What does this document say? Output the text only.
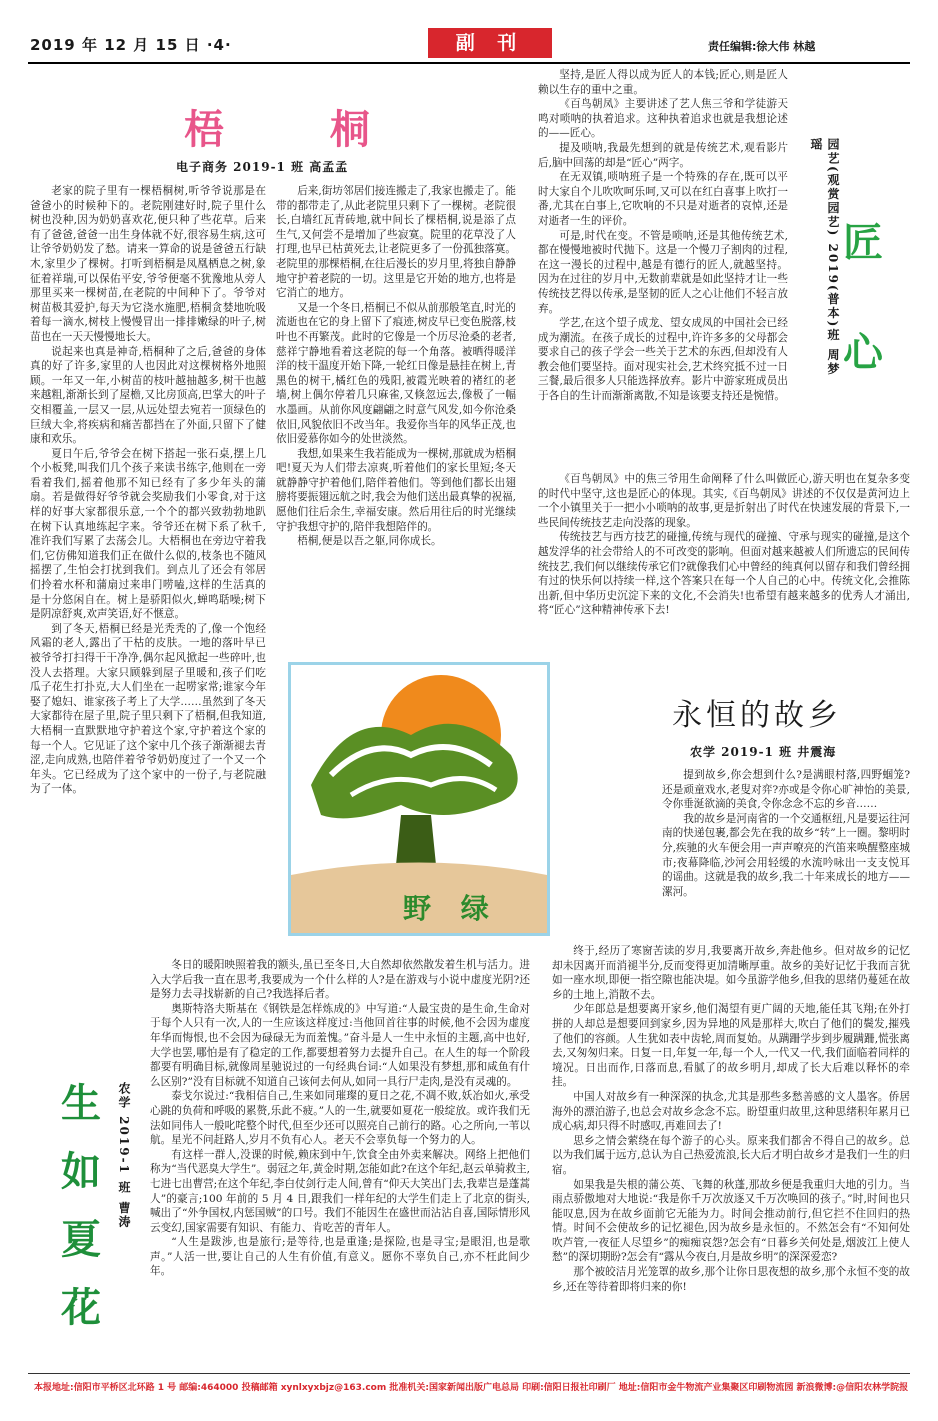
2019 年 12 月 15 日 ·4·	副 刊	责任编辑:徐大伟 林越
梧 桐
电子商务 2019-1 班 高孟孟

老家的院子里有一棵梧桐树,听爷爷说那是在爸爸小的时候种下的。老院刚建好时,院子里什么树也没种,因为奶奶喜欢花,便只种了些花草。后来有了爸爸,爸爸一出生身体就不好,很容易生病,这可让爷爷奶奶发了愁。请来一算命的说是爸爸五行缺木,家里少了棵树。打听到梧桐是凤凰栖息之树,象征着祥瑞,可以保佑平安,爷爷便毫不犹豫地从旁人那里买来一棵树苗,在老院的中间种下了。爷爷对树苗极其爱护,每天为它浇水施肥,梧桐贪婪地吮吸着每一滴水,树枝上慢慢冒出一排排嫩绿的叶子,树苗也在一天天慢慢地长大。

说起来也真是神奇,梧桐种了之后,爸爸的身体真的好了许多,家里的人也因此对这棵树格外地照顾。一年又一年,小树苗的枝叶越抽越多,树干也越来越粗,渐渐长到了屋檐,又比房顶高,巴掌大的叶子交相覆盖,一层又一层,从远处望去宛若一顶绿色的巨绒大伞,将疾病和痛苦都挡在了外面,只留下了健康和欢乐。

夏日午后,爷爷会在树下搭起一张石桌,摆上几个小板凳,叫我们几个孩子来读书练字,他则在一旁看着我们,摇着他那不知已经有了多少年头的蒲扇。若是做得好爷爷就会奖励我们小零食,对于这样的好事大家都很乐意,一个个的都兴致勃勃地趴在树下认真地练起字来。爷爷还在树下系了秋千,准许我们写累了去荡会儿。大梧桐也在旁边守着我们,它仿佛知道我们正在做什么似的,枝条也不随风摇摆了,生怕会打扰到我们。到点儿了还会有邻居们拎着水杯和蒲扇过来串门唠嗑,这样的生活真的是十分悠闲自在。树上是骄阳似火,蝉鸣聒噪;树下是阴凉舒爽,欢声笑语,好不惬意。

到了冬天,梧桐已经是光秃秃的了,像一个饱经风霜的老人,露出了干枯的皮肤。一地的落叶早已被爷爷打扫得干干净净,偶尔起风掀起一些碎叶,也没人去搭理。大家只顾躲到屋子里暖和,孩子们吃瓜子花生打扑克,大人们坐在一起唠家常;谁家今年娶了媳妇、谁家孩子考上了大学……虽然到了冬天大家都待在屋子里,院子里只剩下了梧桐,但我知道,大梧桐一直默默地守护着这个家,守护着这个家的每一个人。它见证了这个家中几个孩子渐渐褪去青涩,走向成熟,也陪伴着爷爷奶奶度过了一个又一个年头。它已经成为了这个家中的一份子,与老院融为了一体。

后来,街坊邻居们接连搬走了,我家也搬走了。能带的都带走了,从此老院里只剩下了一棵树。老院很长,白墙红瓦青砖地,就中间长了棵梧桐,说是添了点生气,又何尝不是增加了些寂寞。院里的花草没了人打理,也早已枯黄死去,让老院更多了一份孤独落寞。老院里的那棵梧桐,在往后漫长的岁月里,将独自静静地守护着老院的一切。这里是它开始的地方,也将是它消亡的地方。

又是一个冬日,梧桐已不似从前那般笔直,时光的流逝也在它的身上留下了痕迹,树皮早已变色脱落,枝叶也不再繁茂。此时的它像是一个历尽沧桑的老者,慈祥宁静地看着这老院的每一个角落。被晒得暖洋洋的枝干温度开始下降,一轮红日像是悬挂在树上,青黑色的树干,橘红色的残阳,被霞光映着的褚红的老墙,树上偶尔停着几只麻雀,又倏忽远去,像极了一幅水墨画。从前你风度翩翩之时意气风发,如今你沧桑依旧,风貌依旧不改当年。我爱你当年的风华正茂,也依旧爱慕你如今的处世淡然。

我想,如果来生我若能成为一棵树,那就成为梧桐吧!夏天为人们带去凉爽,听着他们的家长里短;冬天就静静守护着他们,陪伴着他们。等到他们都长出翅膀将要振翅远航之时,我会为他们送出最真挚的祝福,愿他们往后余生,幸福安康。然后用往后的时光继续守护我想守护的,陪伴我想陪伴的。

梧桐,便是以吾之躯,同你成长。

坚持,是匠人得以成为匠人的本钱;匠心,则是匠人赖以生存的重中之重。

《百鸟朝凤》主要讲述了艺人焦三爷和学徒游天鸣对唢呐的执着追求。这种执着追求也就是我想论述的——匠心。

提及唢呐,我最先想到的就是传统艺术,观看影片后,脑中回荡的却是“匠心”两字。

在无双镇,唢呐班子是一个特殊的存在,既可以平时大家自个儿吹吹呵乐呵,又可以在红白喜事上吹打一番,尤其在白事上,它吹响的不只是对逝者的哀悼,还是对逝者一生的评价。

可是,时代在变。不管是唢呐,还是其他传统艺术,都在慢慢地被时代抛下。这是一个慢刀子割肉的过程,在这一漫长的过程中,越是有德行的匠人,就越坚持。因为在过往的岁月中,无数前辈就是如此坚持才让一些传统技艺得以传承,是坚韧的匠人之心让他们不轻言放弃。

学艺,在这个望子成龙、望女成凤的中国社会已经成为潮流。在孩子成长的过程中,许许多多的父母都会要求自己的孩子学会一些关于艺术的东西,但却没有人教会他们要坚持。面对现实社会,艺术终究抵不过一日三餐,最后很多人只能选择放弃。影片中游家班成员出于各自的生计而渐渐离散,不知是该要支持还是惋惜。

园艺(观赏园艺) 2019(普本)班 周梦瑶
匠 心

《百鸟朝凤》中的焦三爷用生命阐释了什么叫做匠心,游天明也在复杂多变的时代中坚守,这也是匠心的体现。其实,《百鸟朝凤》讲述的不仅仅是黄河边上一个小镇里关于一把小小唢呐的故事,更是折射出了时代在快速发展的背景下,一些民间传统技艺走向没落的现象。

传统技艺与西方技艺的碰撞,传统与现代的碰撞、守承与现实的碰撞,是这个越发浮华的社会带给人的不可改变的影响。但面对越来越被人们所遗忘的民间传统技艺,我们何以继续传承它们?就像我们心中曾经的纯真何以留存和我们曾经拥有过的快乐何以持续一样,这个答案只在每一个人自己的心中。传统文化,会推陈出新,但中华历史沉淀下来的文化,不会消失!也希望有越来越多的优秀人才涌出,将“匠心”这种精神传承下去!

野 绿
永恒的故乡
农学 2019-1 班 井震海

提到故乡,你会想到什么?是满眼村落,四野蝈笼?还是顽童戏水,老叟对弈?亦或是令你心旷神怡的美景,令你垂涎欲滴的美食,令你念念不忘的乡音……

我的故乡是河南省的一个交通枢纽,凡是要运往河南的快递包裹,都会先在我的故乡“转”上一圈。黎明时分,疾驰的火车便会用一声声嘹亮的汽笛来唤醒整座城市;夜幕降临,沙河会用轻缓的水流吟咏出一支支悦耳的谣曲。这就是我的故乡,我二十年来成长的地方——漯河。

终于,经历了寒窗苦读的岁月,我要离开故乡,奔赴他乡。但对故乡的记忆却未因离开而消褪半分,反而变得更加清晰厚重。故乡的美好记忆于我而言犹如一座水坝,即便一指空隙也能决堤。如今虽游学他乡,但我的思绪仍蔓延在故乡的土地上,消散不去。

少年郎总是想要离开家乡,他们渴望有更广阔的天地,能任其飞翔;在外打拼的人却总是想要回到家乡,因为异地的风是那样大,吹白了他们的鬓发,摧残了他们的容颜。人生犹如表中齿轮,周而复始。从蹒跚学步到步履蹒跚,慌张离去,又匆匆归来。日复一日,年复一年,每一个人,一代又一代,我们面临着同样的境况。日出而作,日落而息,看腻了的故乡明月,却成了长大后难以释怀的牵挂。

中国人对故乡有一种深深的执念,尤其是那些多愁善感的文人墨客。侨居海外的漂泊游子,也总会对故乡念念不忘。盼望重归故里,这种思绪积年累月已成心病,却只得不时感叹,再难回去了!

思乡之情会萦绕在每个游子的心头。原来我们都舍不得自己的故乡。总以为我们属于远方,总认为自己热爱流浪,长大后才明白故乡才是我们一生的归宿。

如果我是失根的蒲公英、飞舞的秋蓬,那故乡便是我重归大地的引力。当雨点骄傲地对大地说:“我是你千万次放逐又千万次唤回的孩子。”时,时间也只能叹息,因为在故乡面前它无能为力。时间会推动前行,但它拦不住回归的热情。时间不会使故乡的记忆褪色,因为故乡是永恒的。不然怎会有“不知何处吹芦管,一夜征人尽望乡”的痴痴哀怨?怎会有“日暮乡关何处是,烟波江上使人愁”的深切期盼?怎会有“露从今夜白,月是故乡明”的深深爱恋?

那个被皎洁月光笼罩的故乡,那个让你日思夜想的故乡,那个永恒不变的故乡,还在等待着即将归来的你!

生如夏花
农学 2019-1 班 曹涛

冬日的暖阳映照着我的额头,虽已至冬日,大自然却依然散发着生机与活力。进入大学后我一直在思考,我要成为一个什么样的人?是在游戏与小说中虚度光阴?还是努力去寻找崭新的自己?我选择后者。

奥斯特洛夫斯基在《钢铁是怎样炼成的》中写道:“人最宝贵的是生命,生命对于每个人只有一次,人的一生应该这样度过:当他回首往事的时候,他不会因为虚度年华而悔恨,也不会因为碌碌无为而羞愧。”奋斗是人一生中永恒的主题,高中也好,大学也罢,哪怕是有了稳定的工作,都要想着努力去提升自己。在人生的每一个阶段都要有明确目标,就像周星驰说过的一句经典台词:“人如果没有梦想,那和咸鱼有什么区别?”没有目标就不知道自己该何去何从,如同一具行尸走肉,是没有灵魂的。

泰戈尔说过:“我相信自己,生来如同璀璨的夏日之花,不凋不败,妖冶如火,承受心跳的负荷和呼吸的累赘,乐此不疲。”人的一生,就要如夏花一般绽放。或许我们无法如同伟人一般叱咤整个时代,但至少还可以照亮自己前行的路。心之所向,一苇以航。星光不问赶路人,岁月不负有心人。老天不会辜负每一个努力的人。

有这样一群人,没课的时候,赖床到中午,饮食全由外卖来解决。网络上把他们称为“当代恶臭大学生”。弱冠之年,黄金时期,怎能如此?在这个年纪,赵云单骑救主,七进七出曹营;在这个年纪,李白仗剑行走人间,曾有“仰天大笑出门去,我辈岂是蓬蒿人”的豪言;100 年前的 5 月 4 日,跟我们一样年纪的大学生们走上了北京的街头,喊出了“外争国权,内惩国贼”的口号。我们不能因生在盛世而沾沾自喜,国际情形风云变幻,国家需要有知识、有能力、肯吃苦的青年人。

“人生是跋涉,也是旅行;是等待,也是重逢;是探险,也是寻宝;是眼泪,也是歌声。”人活一世,要让自己的人生有价值,有意义。愿你不辜负自己,亦不枉此间少年。

本报地址:信阳市平桥区北环路 1 号 邮编:464000 投稿邮箱 xynlxyxbjz@163.com 批准机关:国家新闻出版广电总局 印刷:信阳日报社印刷厂 地址:信阳市金牛物流产业集聚区印刷物流园 新浪微博:@信阳农林学院报
